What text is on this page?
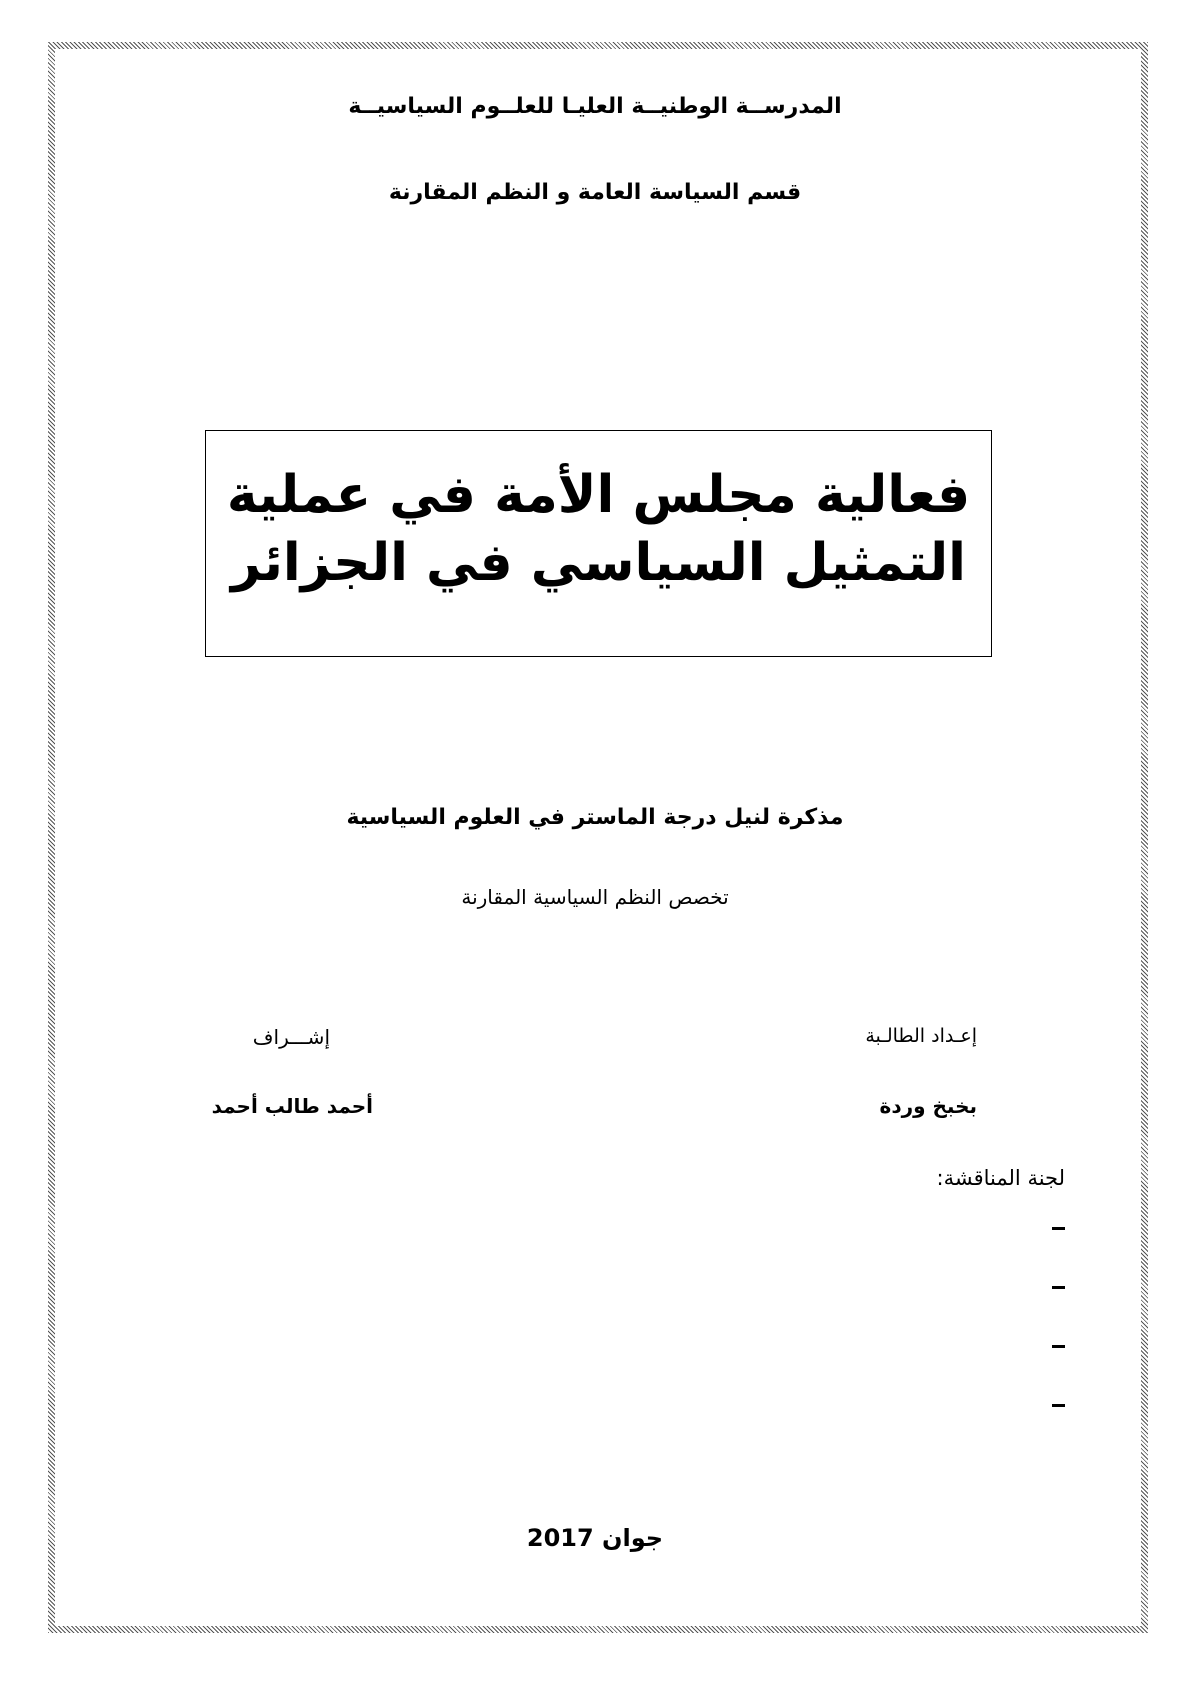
المدرســة الوطنيــة العليـا للعلــوم السياسيــة
قسم السياسة العامة و النظم المقارنة
فعالية مجلس الأمة في عملية
التمثيل السياسي في الجزائر
مذكرة لنيل درجة الماستر في العلوم السياسية
تخصص النظم السياسية المقارنة
إعـداد الطالـبة
إشـــراف
بخبخ وردة
أحمد طالب أحمد
لجنة المناقشة:
جوان 2017
